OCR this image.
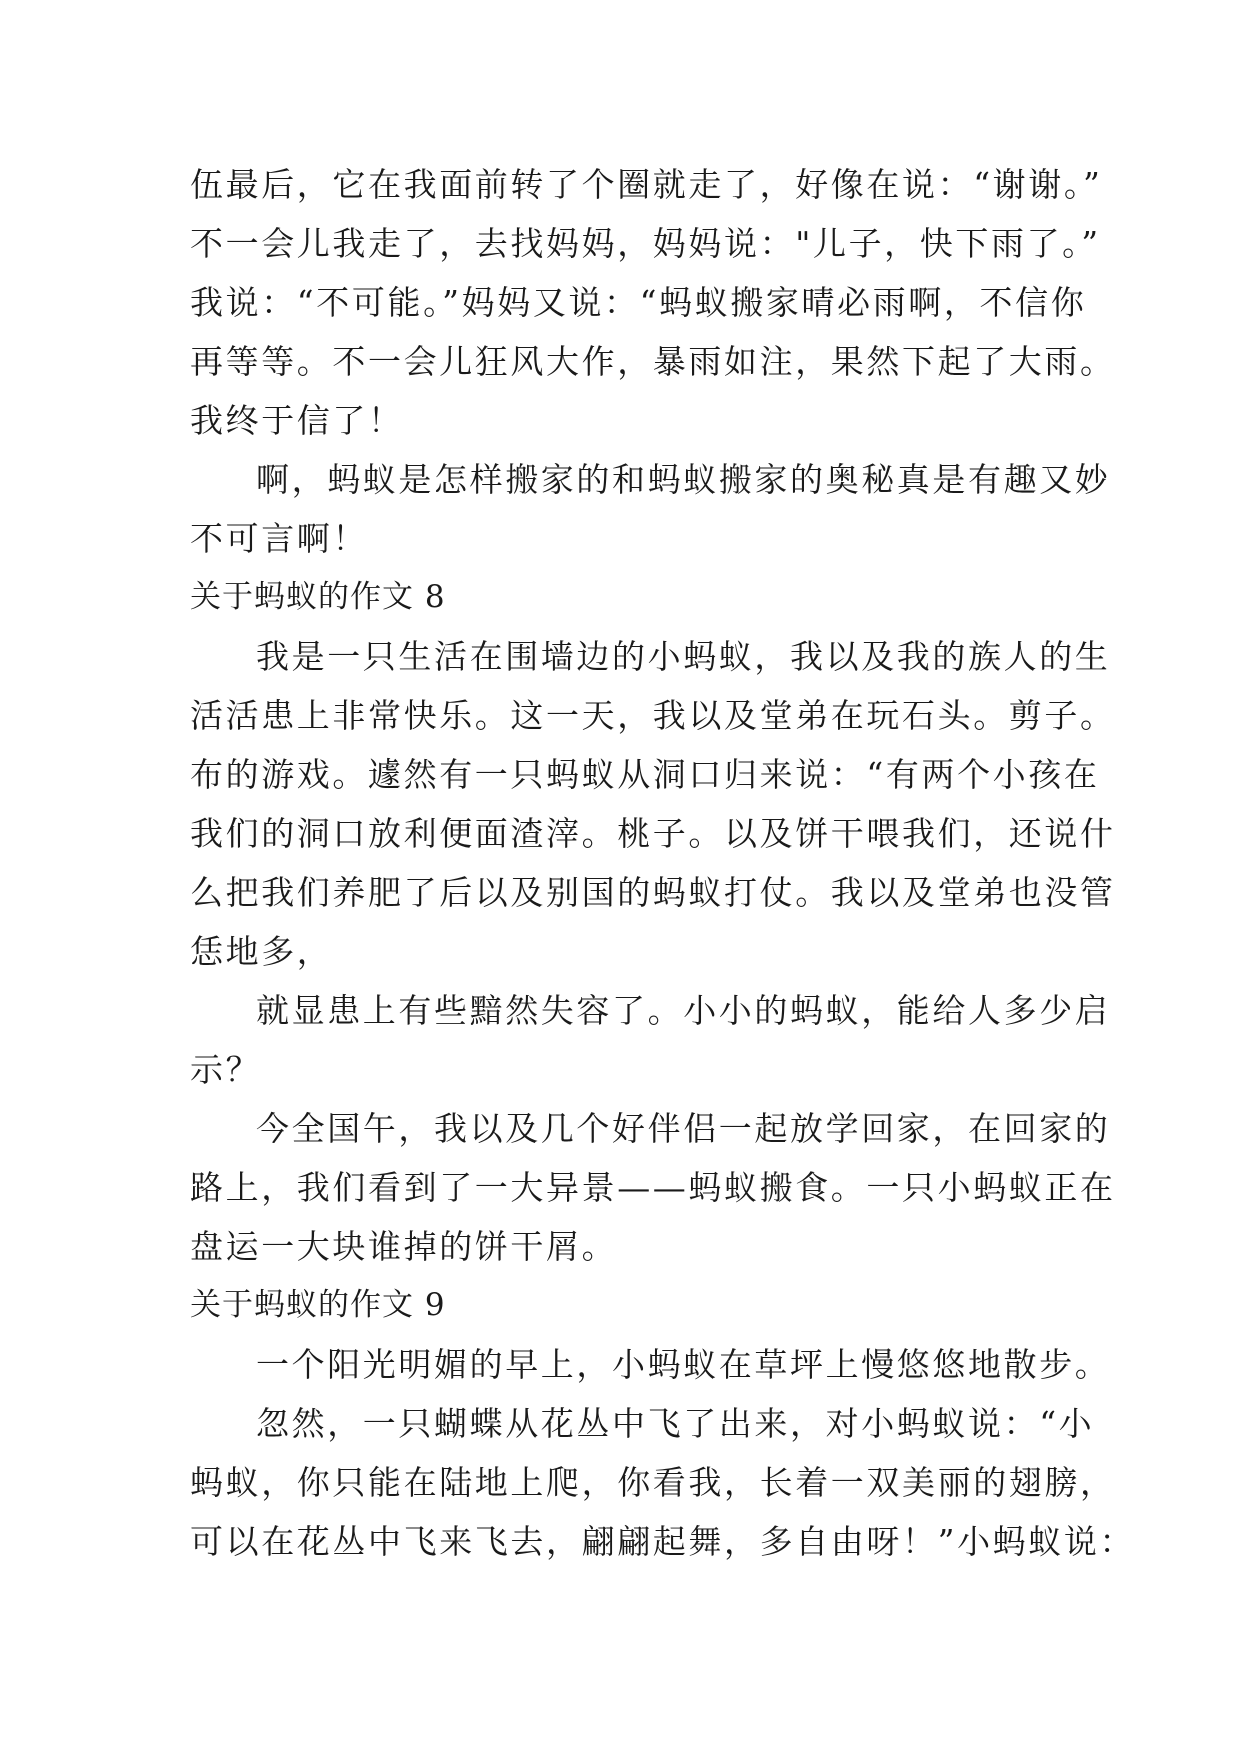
伍最后，它在我面前转了个圈就走了，好像在说：“谢谢。”
不一会儿我走了，去找妈妈，妈妈说："儿子，快下雨了。”
我说：“不可能。”妈妈又说：“蚂蚁搬家晴必雨啊，不信你
再等等。不一会儿狂风大作，暴雨如注，果然下起了大雨。
我终于信了！
啊，蚂蚁是怎样搬家的和蚂蚁搬家的奥秘真是有趣又妙
不可言啊！
关于蚂蚁的作文 8
我是一只生活在围墙边的小蚂蚁，我以及我的族人的生
活活患上非常快乐。这一天，我以及堂弟在玩石头。剪子。
布的游戏。遽然有一只蚂蚁从洞口归来说：“有两个小孩在
我们的洞口放利便面渣滓。桃子。以及饼干喂我们，还说什
么把我们养肥了后以及别国的蚂蚁打仗。我以及堂弟也没管
恁地多，
就显患上有些黯然失容了。小小的蚂蚁，能给人多少启
示？
今全国午，我以及几个好伴侣一起放学回家，在回家的
路上，我们看到了一大异景——蚂蚁搬食。一只小蚂蚁正在
盘运一大块谁掉的饼干屑。
关于蚂蚁的作文 9
一个阳光明媚的早上，小蚂蚁在草坪上慢悠悠地散步。
忽然，一只蝴蝶从花丛中飞了出来，对小蚂蚁说：“小
蚂蚁，你只能在陆地上爬，你看我，长着一双美丽的翅膀，
可以在花丛中飞来飞去，翩翩起舞，多自由呀！”小蚂蚁说：
